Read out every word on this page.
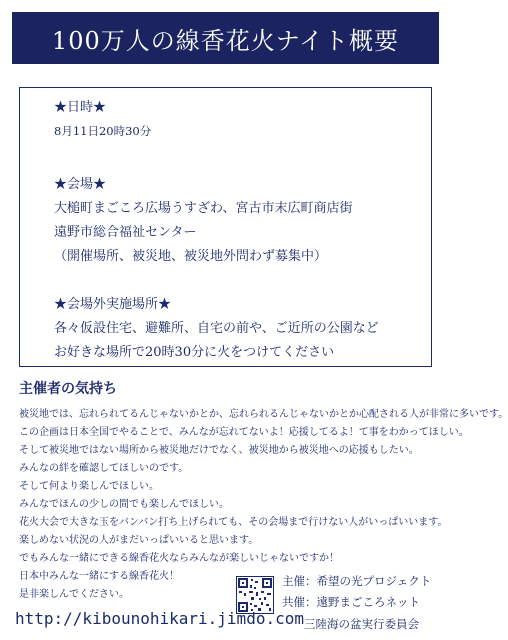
100万人の線香花火ナイト概要
★日時★
8月11日20時30分
★会場★
大槌町まごころ広場うすざわ、宮古市末広町商店街
遠野市総合福祉センター
（開催場所、被災地、被災地外問わず募集中）
★会場外実施場所★
各々仮設住宅、避難所、自宅の前や、ご近所の公園など
お好きな場所で20時30分に火をつけてください
主催者の気持ち
被災地では、忘れられてるんじゃないかとか、忘れられるんじゃないかとか心配される人が非常に多いです。
この企画は日本全国でやることで、みんなが忘れてないよ！応援してるよ！て事をわかってほしい。
そして被災地ではない場所から被災地だけでなく、被災地から被災地への応援もしたい。
みんなの絆を確認してほしいのです。
そして何より楽しんでほしい。
みんなでほんの少しの間でも楽しんでほしい。
花火大会で大きな玉をバンバン打ち上げられても、その会場まで行けない人がいっぱいいます。
楽しめない状況の人がまだいっぱいいると思います。
でもみんな一緒にできる線香花火ならみんなが楽しいじゃないですか！
日本中みんな一緒にする線香花火！
是非楽しんでください。
主催：希望の光プロジェクト
共催：遠野まごころネット
三陸海の盆実行委員会
http://kibounohikari.jimdo.com
